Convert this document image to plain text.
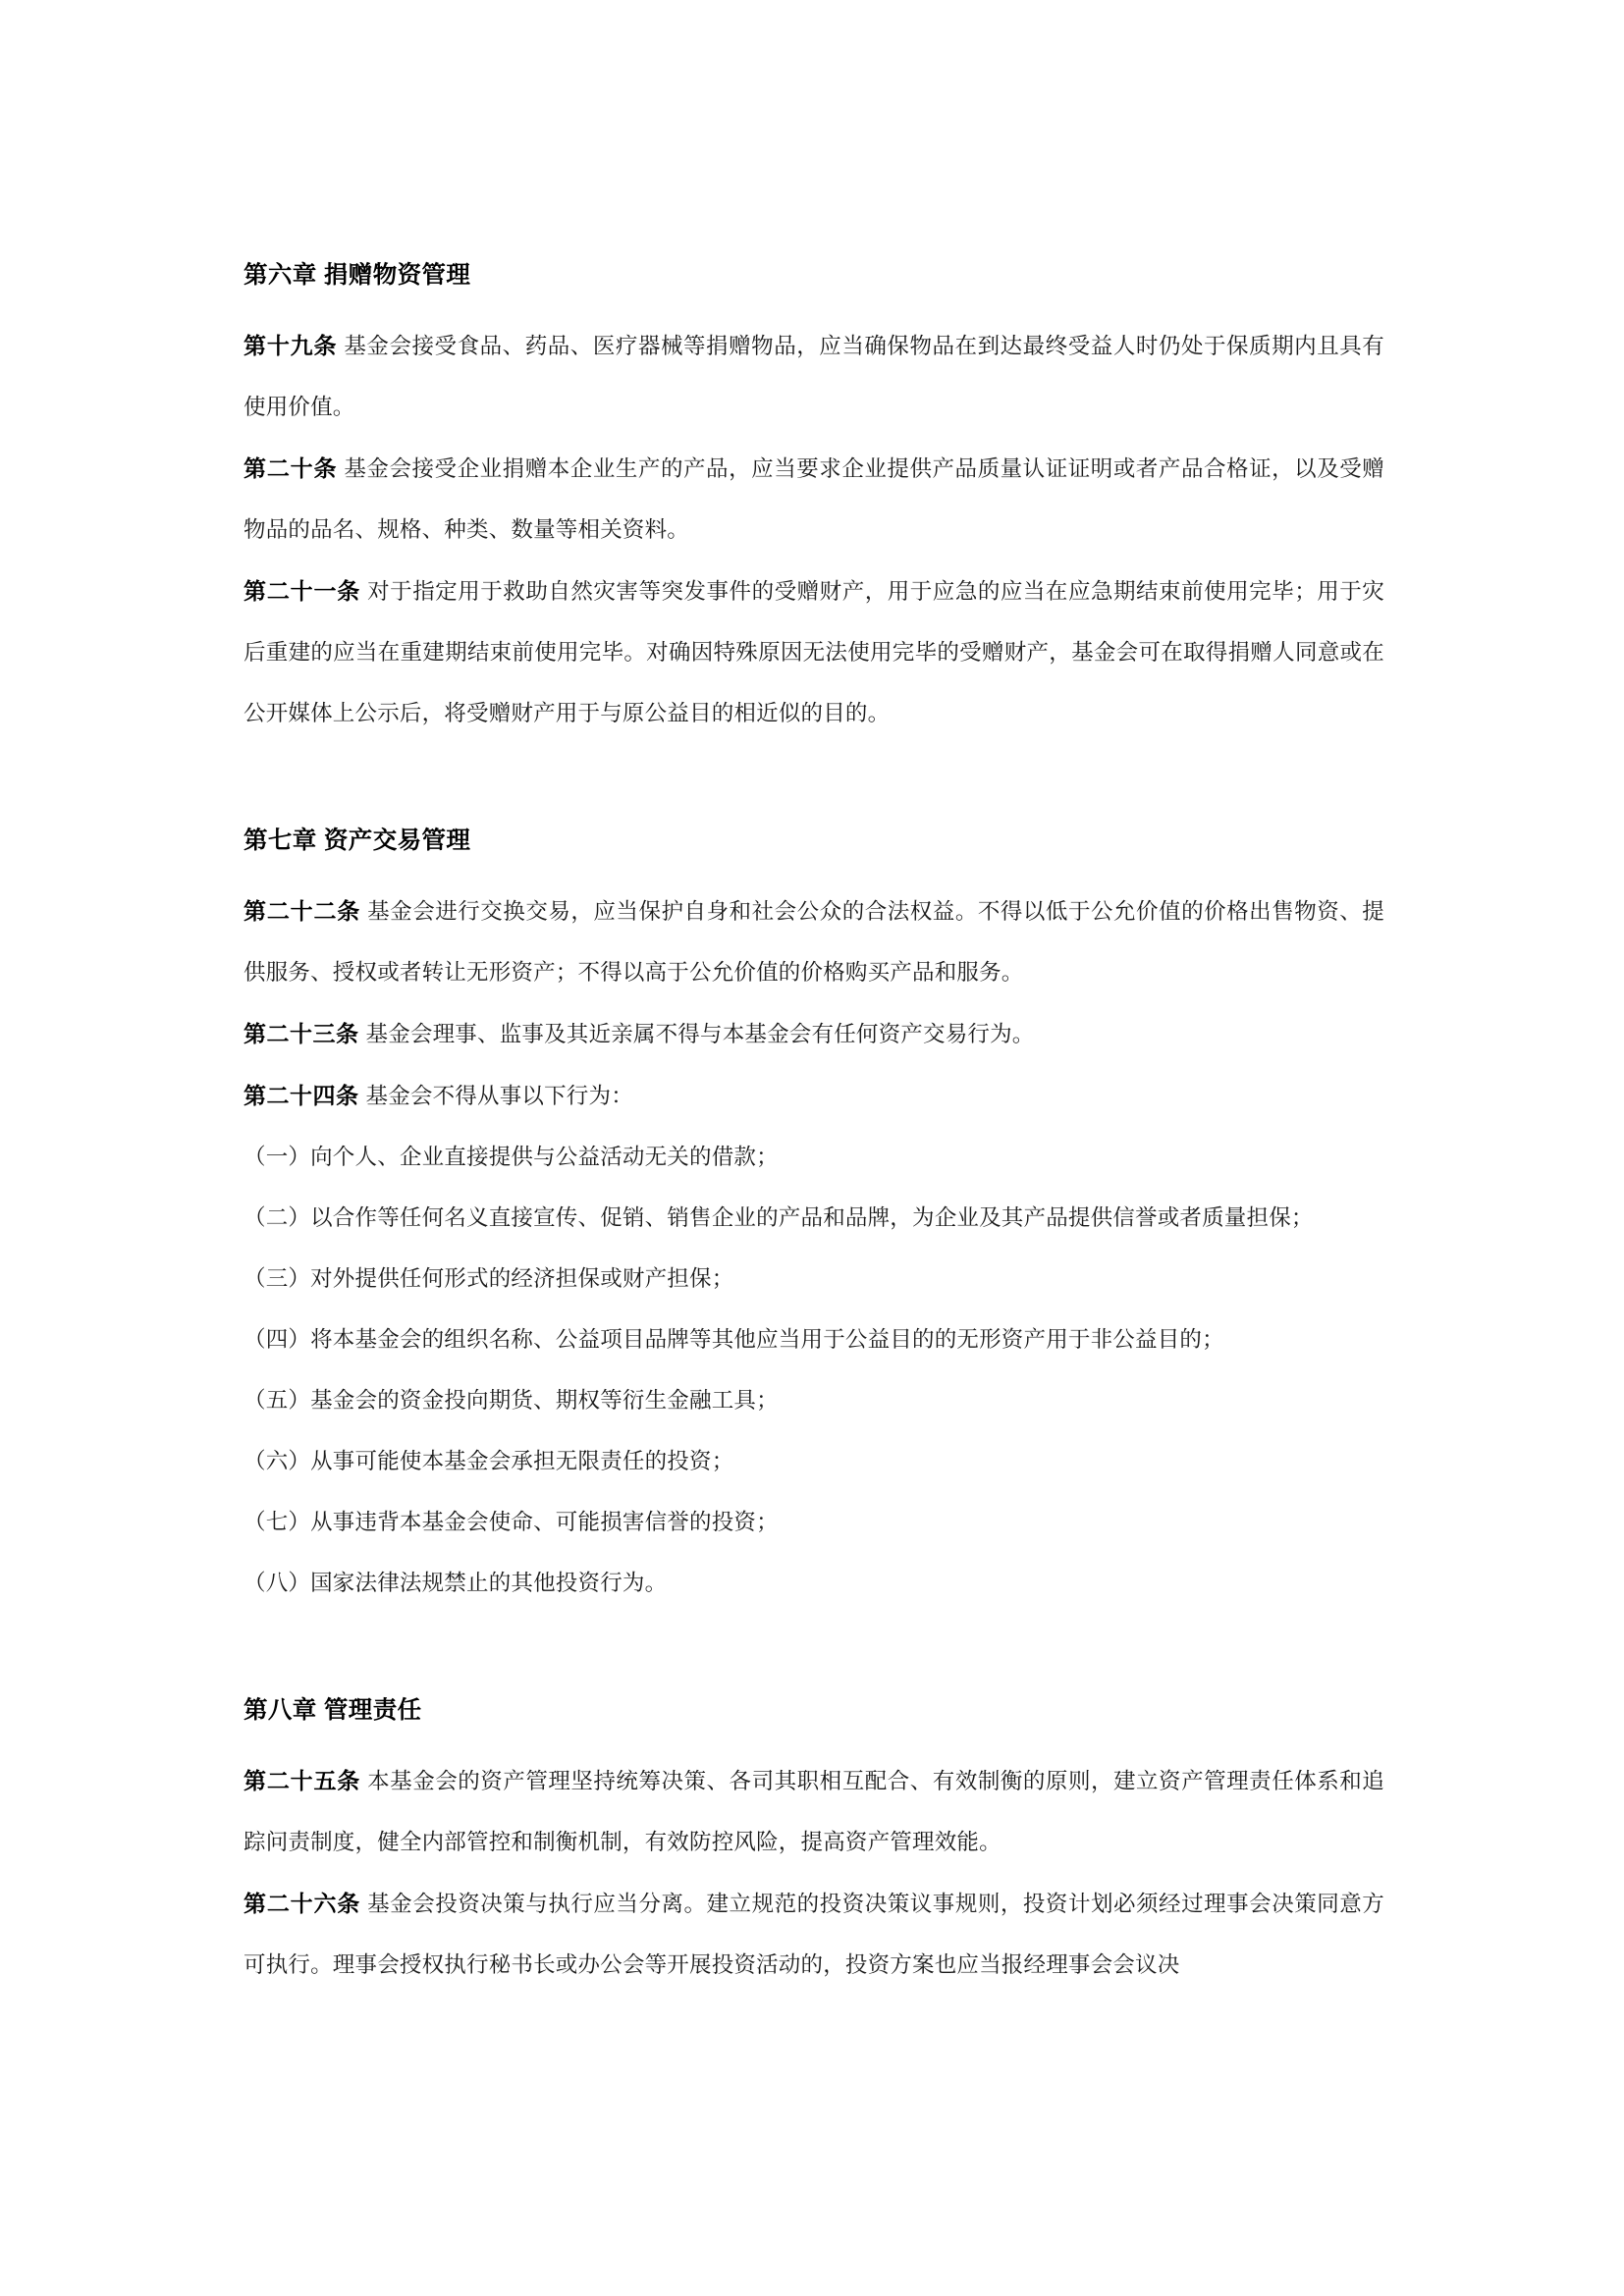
第六章 捐赠物资管理

第十九条 基金会接受食品、药品、医疗器械等捐赠物品，应当确保物品在到达最终受益人时仍处于保质期内且具有使用价值。

第二十条 基金会接受企业捐赠本企业生产的产品，应当要求企业提供产品质量认证证明或者产品合格证，以及受赠物品的品名、规格、种类、数量等相关资料。

第二十一条 对于指定用于救助自然灾害等突发事件的受赠财产，用于应急的应当在应急期结束前使用完毕；用于灾后重建的应当在重建期结束前使用完毕。对确因特殊原因无法使用完毕的受赠财产，基金会可在取得捐赠人同意或在公开媒体上公示后，将受赠财产用于与原公益目的相近似的目的。

第七章 资产交易管理

第二十二条 基金会进行交换交易，应当保护自身和社会公众的合法权益。不得以低于公允价值的价格出售物资、提供服务、授权或者转让无形资产；不得以高于公允价值的价格购买产品和服务。

第二十三条 基金会理事、监事及其近亲属不得与本基金会有任何资产交易行为。

第二十四条 基金会不得从事以下行为：

（一）向个人、企业直接提供与公益活动无关的借款；

（二）以合作等任何名义直接宣传、促销、销售企业的产品和品牌，为企业及其产品提供信誉或者质量担保；

（三）对外提供任何形式的经济担保或财产担保；

（四）将本基金会的组织名称、公益项目品牌等其他应当用于公益目的的无形资产用于非公益目的；

（五）基金会的资金投向期货、期权等衍生金融工具；

（六）从事可能使本基金会承担无限责任的投资；

（七）从事违背本基金会使命、可能损害信誉的投资；

（八）国家法律法规禁止的其他投资行为。

第八章 管理责任

第二十五条 本基金会的资产管理坚持统筹决策、各司其职相互配合、有效制衡的原则，建立资产管理责任体系和追踪问责制度，健全内部管控和制衡机制，有效防控风险，提高资产管理效能。

第二十六条 基金会投资决策与执行应当分离。建立规范的投资决策议事规则，投资计划必须经过理事会决策同意方可执行。理事会授权执行秘书长或办公会等开展投资活动的，投资方案也应当报经理事会会议决
